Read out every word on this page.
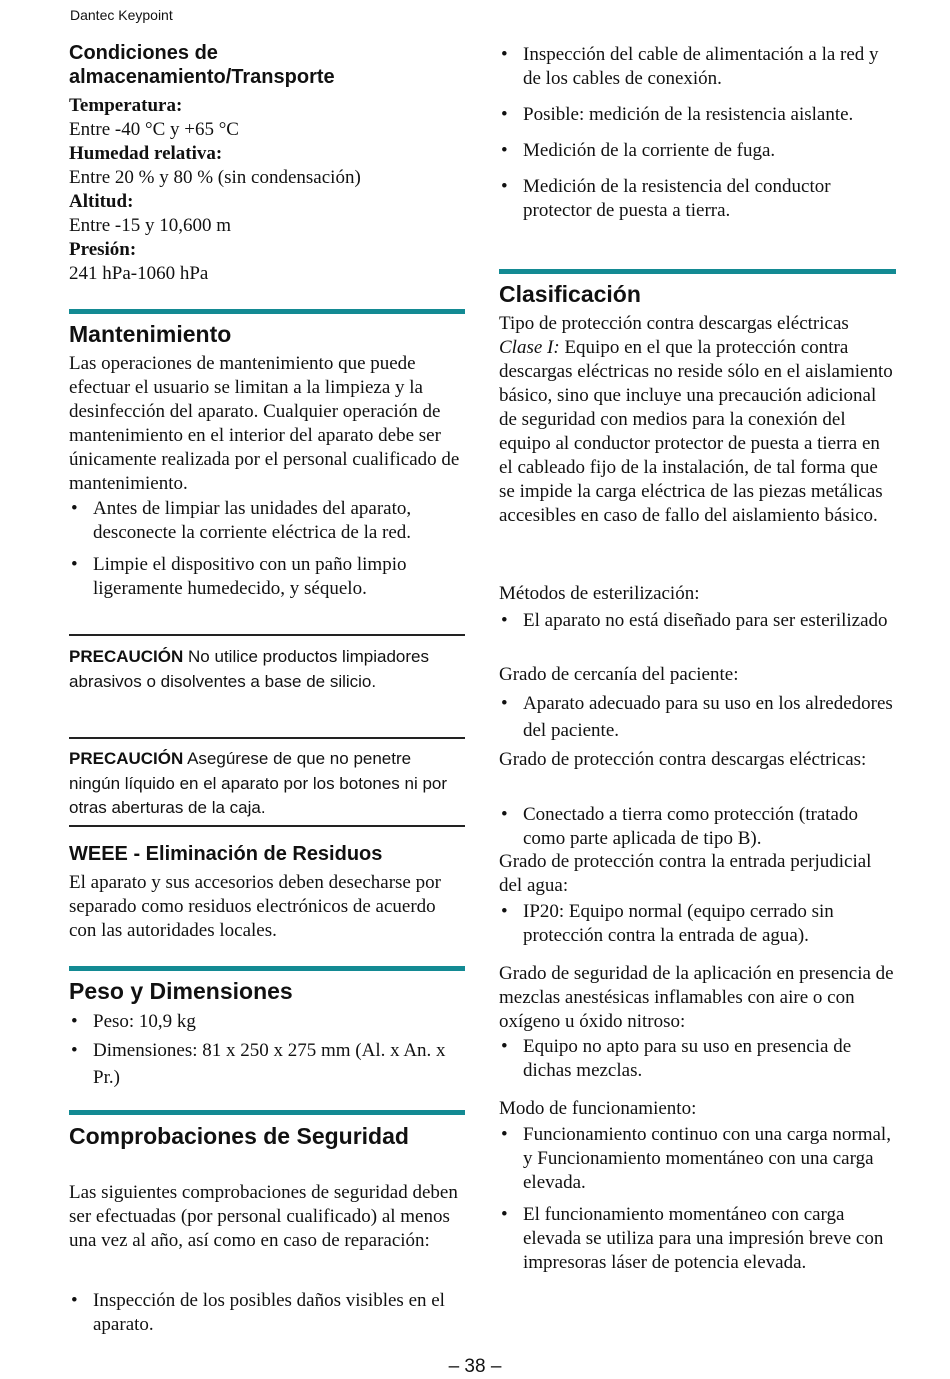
Dantec Keypoint
Condiciones de almacenamiento/Transporte
Temperatura:
Entre -40 °C y +65 °C
Humedad relativa:
Entre 20 % y 80 % (sin condensación)
Altitud:
Entre -15 y 10,600 m
Presión:
241 hPa-1060 hPa
Mantenimiento
Las operaciones de mantenimiento que puede efectuar el usuario se limitan a la limpieza y la desinfección del aparato. Cualquier operación de mantenimiento en el interior del aparato debe ser únicamente realizada por el personal cualificado de mantenimiento.
• Antes de limpiar las unidades del aparato, desconecte la corriente eléctrica de la red.
• Limpie el dispositivo con un paño limpio ligeramente humedecido, y séquelo.
PRECAUCIÓN No utilice productos limpiadores abrasivos o disolventes a base de silicio.
PRECAUCIÓN Asegúrese de que no penetre ningún líquido en el aparato por los botones ni por otras aberturas de la caja.
WEEE - Eliminación de Residuos
El aparato y sus accesorios deben desecharse por separado como residuos electrónicos de acuerdo con las autoridades locales.
Peso y Dimensiones
• Peso: 10,9 kg
• Dimensiones: 81 x 250 x 275 mm (Al. x An. x Pr.)
Comprobaciones de Seguridad
Las siguientes comprobaciones de seguridad deben ser efectuadas (por personal cualificado) al menos una vez al año, así como en caso de reparación:
• Inspección de los posibles daños visibles en el aparato.
• Inspección del cable de alimentación a la red y de los cables de conexión.
• Posible: medición de la resistencia aislante.
• Medición de la corriente de fuga.
• Medición de la resistencia del conductor protector de puesta a tierra.
Clasificación
Tipo de protección contra descargas eléctricas
Clase I: Equipo en el que la protección contra descargas eléctricas no reside sólo en el aislamiento básico, sino que incluye una precaución adicional de seguridad con medios para la conexión del equipo al conductor protector de puesta a tierra en el cableado fijo de la instalación, de tal forma que se impide la carga eléctrica de las piezas metálicas accesibles en caso de fallo del aislamiento básico.
Métodos de esterilización:
• El aparato no está diseñado para ser esterilizado
Grado de cercanía del paciente:
• Aparato adecuado para su uso en los alrededores del paciente.
Grado de protección contra descargas eléctricas:
• Conectado a tierra como protección (tratado como parte aplicada de tipo B).
Grado de protección contra la entrada perjudicial del agua:
• IP20: Equipo normal (equipo cerrado sin protección contra la entrada de agua).
Grado de seguridad de la aplicación en presencia de mezclas anestésicas inflamables con aire o con oxígeno u óxido nitroso:
• Equipo no apto para su uso en presencia de dichas mezclas.
Modo de funcionamiento:
• Funcionamiento continuo con una carga normal, y Funcionamiento momentáneo con una carga elevada.
• El funcionamiento momentáneo con carga elevada se utiliza para una impresión breve con impresoras láser de potencia elevada.
– 38 –
